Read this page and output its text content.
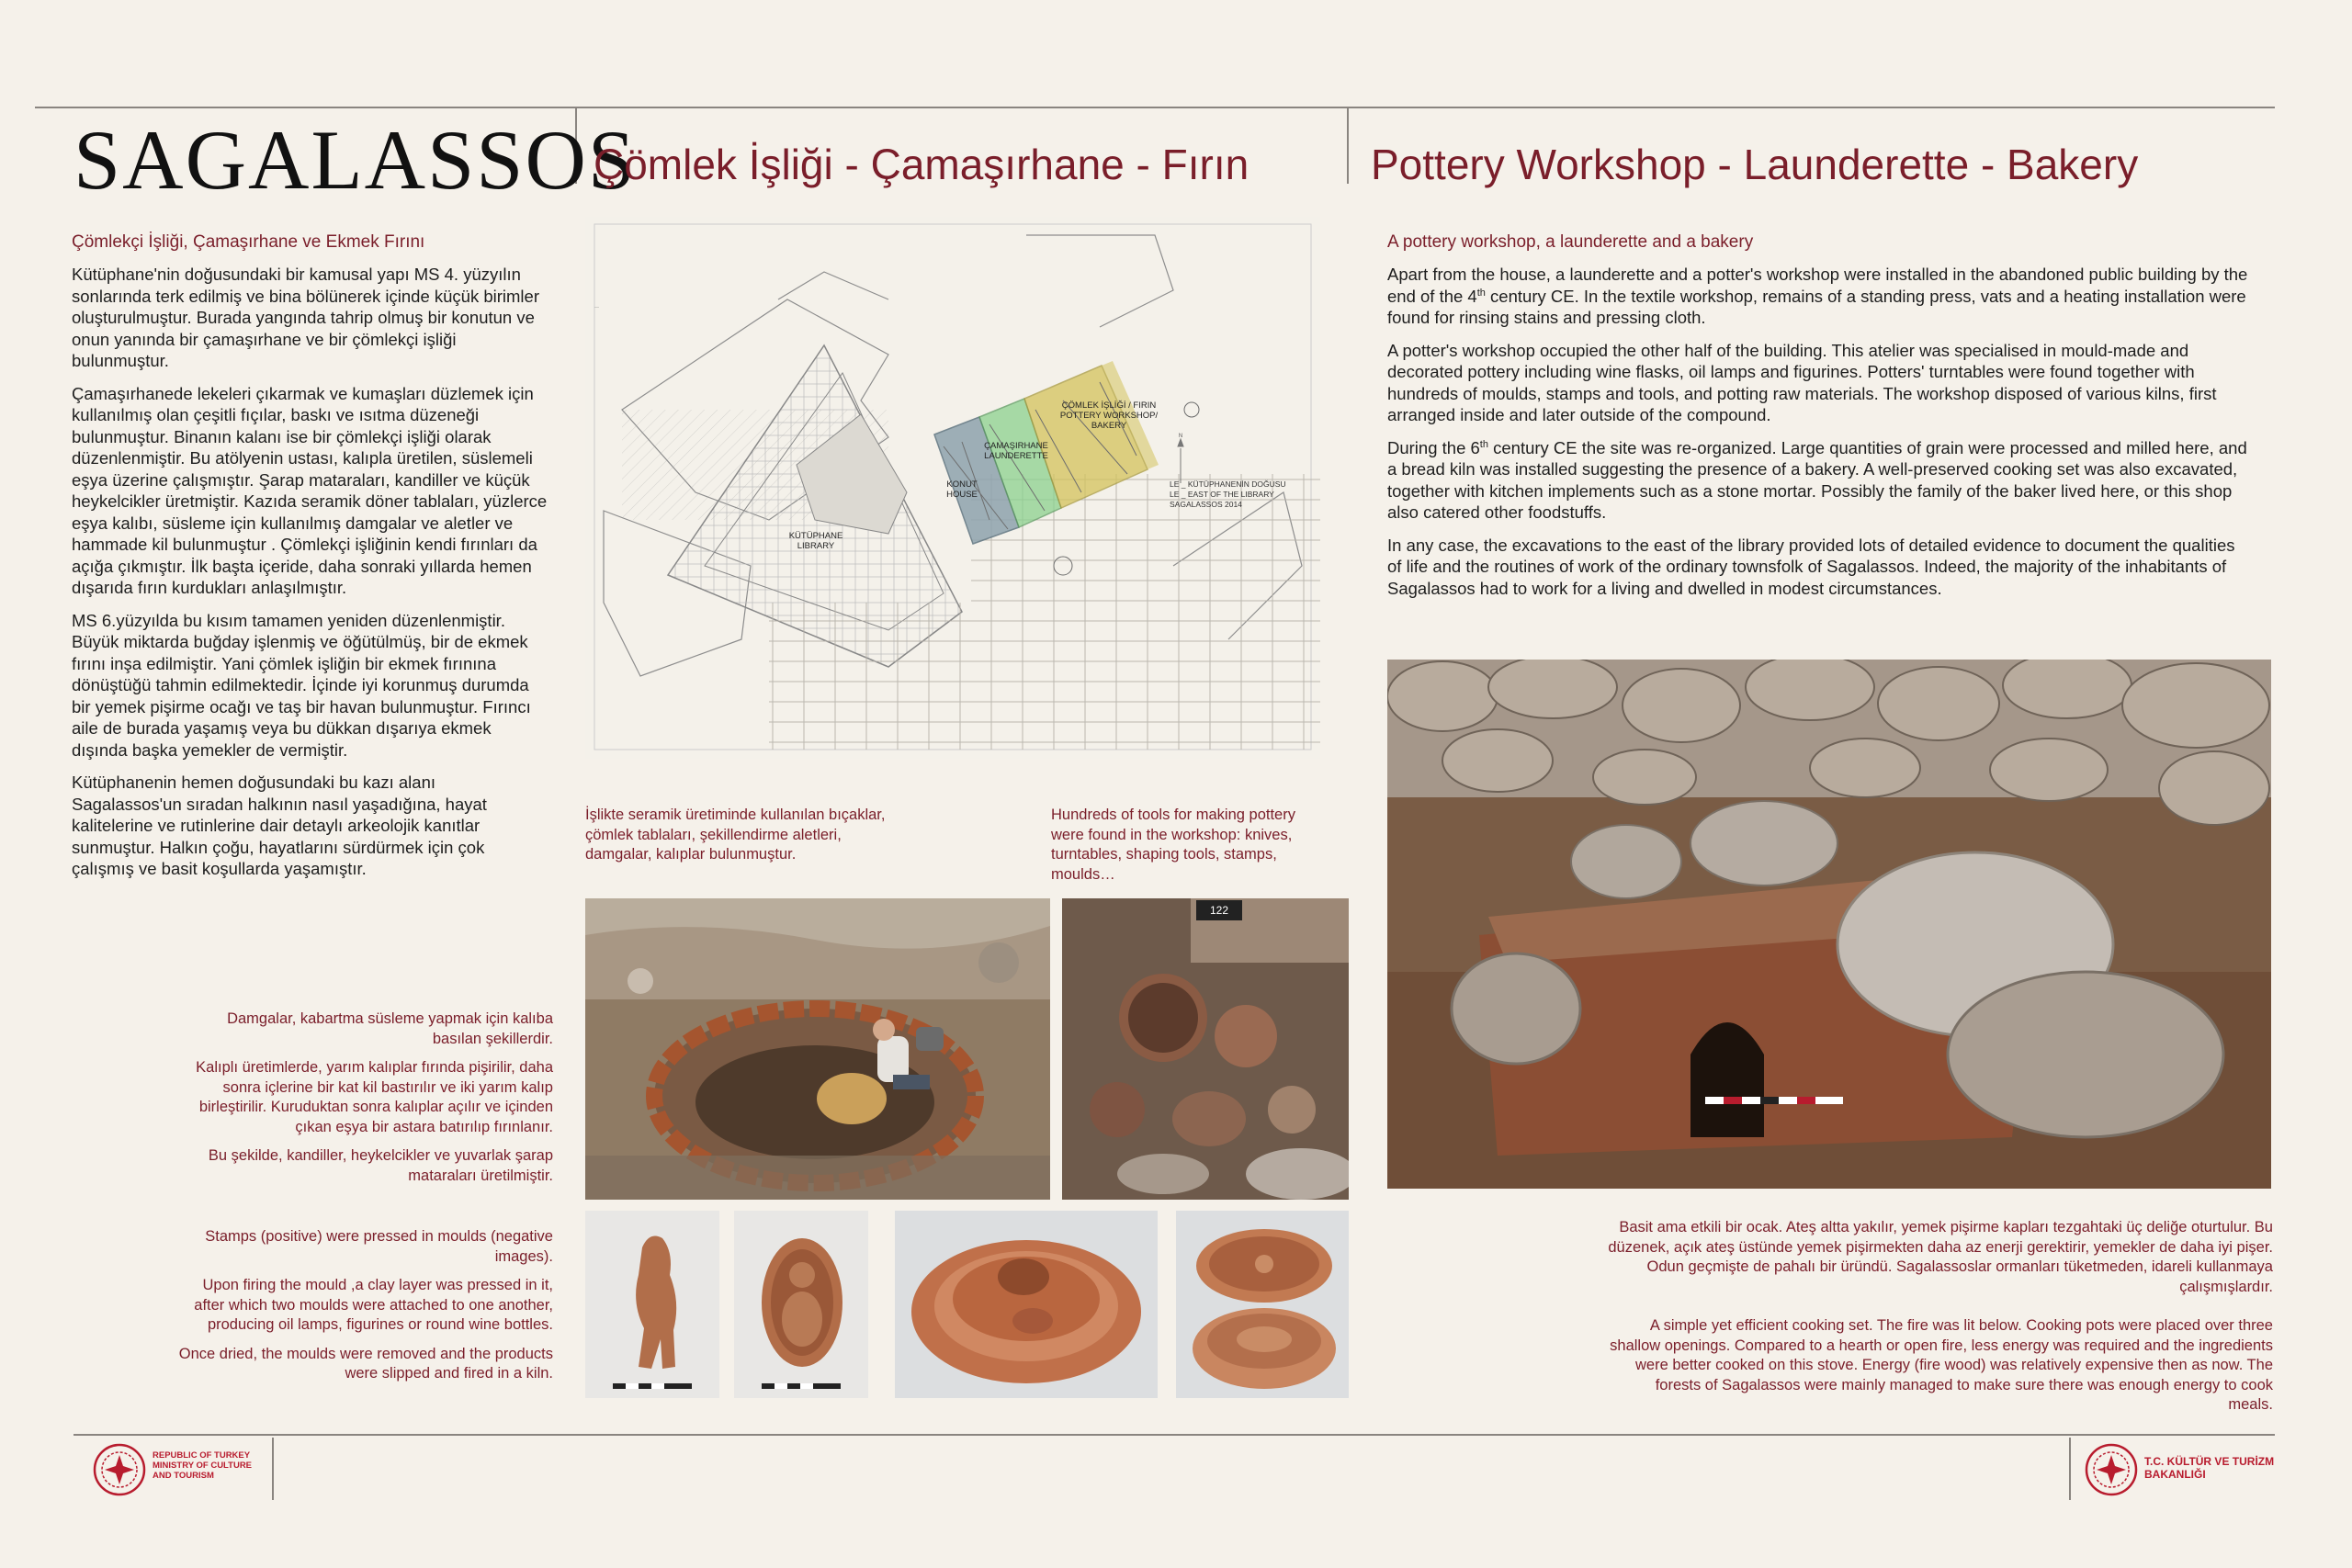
SAGALASSOS
Çömlek İşliği - Çamaşırhane - Fırın	Pottery Workshop - Launderette - Bakery
Çömlekçi İşliği, Çamaşırhane ve Ekmek Fırını

Kütüphane'nin doğusundaki bir kamusal yapı MS 4. yüzyılın sonlarında terk edilmiş ve bina bölünerek içinde küçük birimler oluşturulmuştur. Burada yangında tahrip olmuş bir konutun ve onun yanında bir çamaşırhane ve bir çömlekçi işliği bulunmuştur.

Çamaşırhanede lekeleri çıkarmak ve kumaşları düzlemek için kullanılmış olan çeşitli fıçılar, baskı ve ısıtma düzeneği bulunmuştur. Binanın kalanı ise bir çömlekçi işliği olarak düzenlenmiştir. Bu atölyenin ustası, kalıpla üretilen, süslemeli eşya üzerine çalışmıştır. Şarap mataraları, kandiller ve küçük heykelcikler üretmiştir. Kazıda seramik döner tablaları, yüzlerce eşya kalıbı, süsleme için kullanılmış damgalar ve aletler ve hammade kil bulunmuştur . Çömlekçi işliğinin kendi fırınları da açığa çıkmıştır. İlk başta içeride, daha sonraki yıllarda hemen dışarıda fırın kurdukları anlaşılmıştır.

MS 6.yüzyılda bu kısım tamamen yeniden düzenlenmiştir. Büyük miktarda buğday işlenmiş ve öğütülmüş, bir de ekmek fırını inşa edilmiştir. Yani çömlek işliğin bir ekmek fırınına dönüştüğü tahmin edilmektedir. İçinde iyi korunmuş durumda bir yemek pişirme ocağı ve taş bir havan bulunmuştur. Fırıncı aile de burada yaşamış veya bu dükkan dışarıya ekmek dışında başka yemekler de vermiştir.

Kütüphanenin hemen doğusundaki bu kazı alanı Sagalassos'un sıradan halkının nasıl yaşadığına, hayat kalitelerine ve rutinlerine dair detaylı arkeolojik kanıtlar sunmuştur. Halkın çoğu, hayatlarını sürdürmek için çok çalışmış ve basit koşullarda yaşamıştır.

Damgalar, kabartma süsleme yapmak için kalıba basılan şekillerdir.

Kalıplı üretimlerde, yarım kalıplar fırında pişirilir, daha sonra içlerine bir kat kil bastırılır ve iki yarım kalıp birleştirilir. Kuruduktan sonra kalıplar açılır ve içinden çıkan eşya bir astara batırılıp fırınlanır.

Bu şekilde, kandiller, heykelcikler ve yuvarlak şarap mataraları üretilmiştir.

Stamps (positive) were pressed in moulds (negative images).

Upon firing the mould ,a clay layer was pressed in it, after which two moulds were attached to one another, producing oil lamps, figurines or round wine bottles.

Once dried, the moulds were removed and the products were slipped and fired in a kiln.

N
—
KÜTÜPHANE
LIBRARY
KONUT
HOUSE
ÇAMAŞIRHANE
LAUNDERETTE
ÇÖMLEK İŞLİĞİ / FIRIN
POTTERY WORKSHOP/
BAKERY
LE _ KÜTÜPHANENİN DOĞUSU
LE _ EAST OF THE LIBRARY
SAGALASSOS 2014
İşlikte seramik üretiminde kullanılan bıçaklar, çömlek tablaları, şekillendirme aletleri, damgalar, kalıplar bulunmuştur.
Hundreds of tools for making pottery were found in the workshop: knives, turntables, shaping tools, stamps, moulds…
122
A pottery workshop, a launderette and a bakery

Apart from the house, a launderette and a potter's workshop were installed in the abandoned public building by the end of the 4th century CE. In the textile workshop, remains of a standing press, vats and a heating installation were found for rinsing stains and pressing cloth.

A potter's workshop occupied the other half of the building. This atelier was specialised in mould-made and decorated pottery including wine flasks, oil lamps and figurines. Potters' turntables were found together with hundreds of moulds, stamps and tools, and potting raw materials. The workshop disposed of various kilns, first arranged inside and later outside of the compound.

During the 6th century CE the site was re-organized. Large quantities of grain were processed and milled here, and a bread kiln was installed suggesting the presence of a bakery. A well-preserved cooking set was also excavated, together with kitchen implements such as a stone mortar. Possibly the family of the baker lived here, or this shop also catered other foodstuffs.

In any case, the excavations to the east of the library provided lots of detailed evidence to document the qualities of life and the routines of work of the ordinary townsfolk of Sagalassos. Indeed, the majority of the inhabitants of Sagalassos had to work for a living and dwelled in modest circumstances.

Basit ama etkili bir ocak. Ateş altta yakılır, yemek pişirme kapları tezgahtaki üç deliğe oturtulur. Bu düzenek, açık ateş üstünde yemek pişirmekten daha az enerji gerektirir, yemekler de daha iyi pişer. Odun geçmişte de pahalı bir üründü. Sagalassoslar ormanları tüketmeden, idareli kullanmaya çalışmışlardır.
A simple yet efficient cooking set. The fire was lit below. Cooking pots were placed over three shallow openings. Compared to a hearth or open fire, less energy was required and the ingredients were better cooked on this stove. Energy (fire wood) was relatively expensive then as now. The forests of Sagalassos were mainly managed to make sure there was enough energy to cook meals.
REPUBLIC OF TURKEY
MINISTRY OF CULTURE
AND TOURISM
T.C. KÜLTÜR VE TURİZM
BAKANLIĞI
